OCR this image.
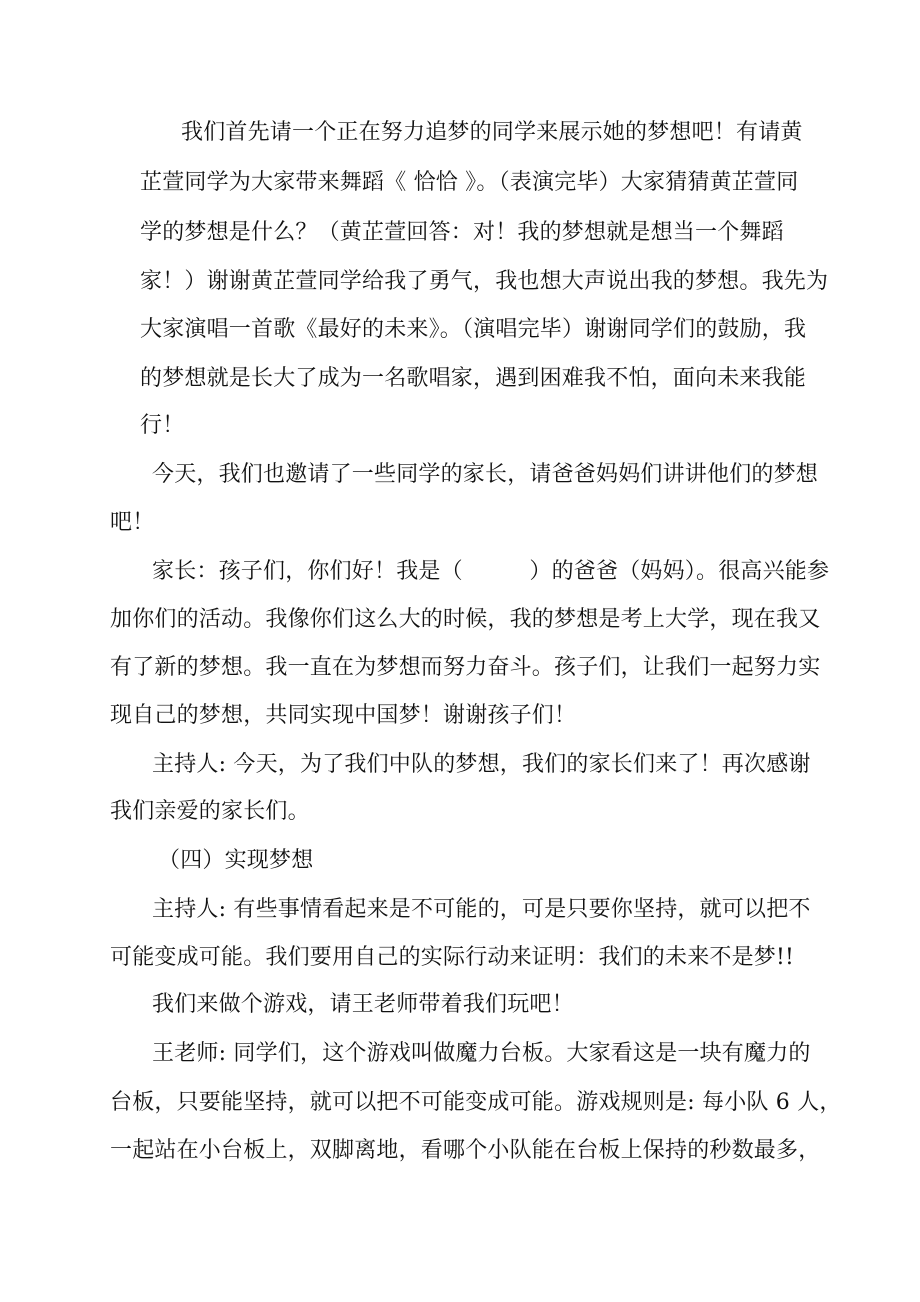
我们首先请一个正在努力追梦的同学来展示她的梦想吧！有请黄
芷萱同学为大家带来舞蹈《 恰恰 》。（表演完毕）大家猜猜黄芷萱同
学的梦想是什么？（黄芷萱回答：对！我的梦想就是想当一个舞蹈
家！）谢谢黄芷萱同学给我了勇气，我也想大声说出我的梦想。我先为
大家演唱一首歌《最好的未来》。（演唱完毕）谢谢同学们的鼓励，我
的梦想就是长大了成为一名歌唱家，遇到困难我不怕，面向未来我能
行！
今天，我们也邀请了一些同学的家长，请爸爸妈妈们讲讲他们的梦想
吧！
家长：孩子们，你们好！我是（　　　）的爸爸（妈妈）。很高兴能参
加你们的活动。我像你们这么大的时候，我的梦想是考上大学，现在我又
有了新的梦想。我一直在为梦想而努力奋斗。孩子们，让我们一起努力实
现自己的梦想，共同实现中国梦！谢谢孩子们！
主持人: 今天，为了我们中队的梦想，我们的家长们来了！再次感谢
我们亲爱的家长们。
（四）实现梦想
主持人: 有些事情看起来是不可能的，可是只要你坚持，就可以把不
可能变成可能。我们要用自己的实际行动来证明：我们的未来不是梦!!
我们来做个游戏，请王老师带着我们玩吧！
王老师: 同学们，这个游戏叫做魔力台板。大家看这是一块有魔力的
台板，只要能坚持，就可以把不可能变成可能。游戏规则是: 每小队 6 人，
一起站在小台板上，双脚离地，看哪个小队能在台板上保持的秒数最多，
